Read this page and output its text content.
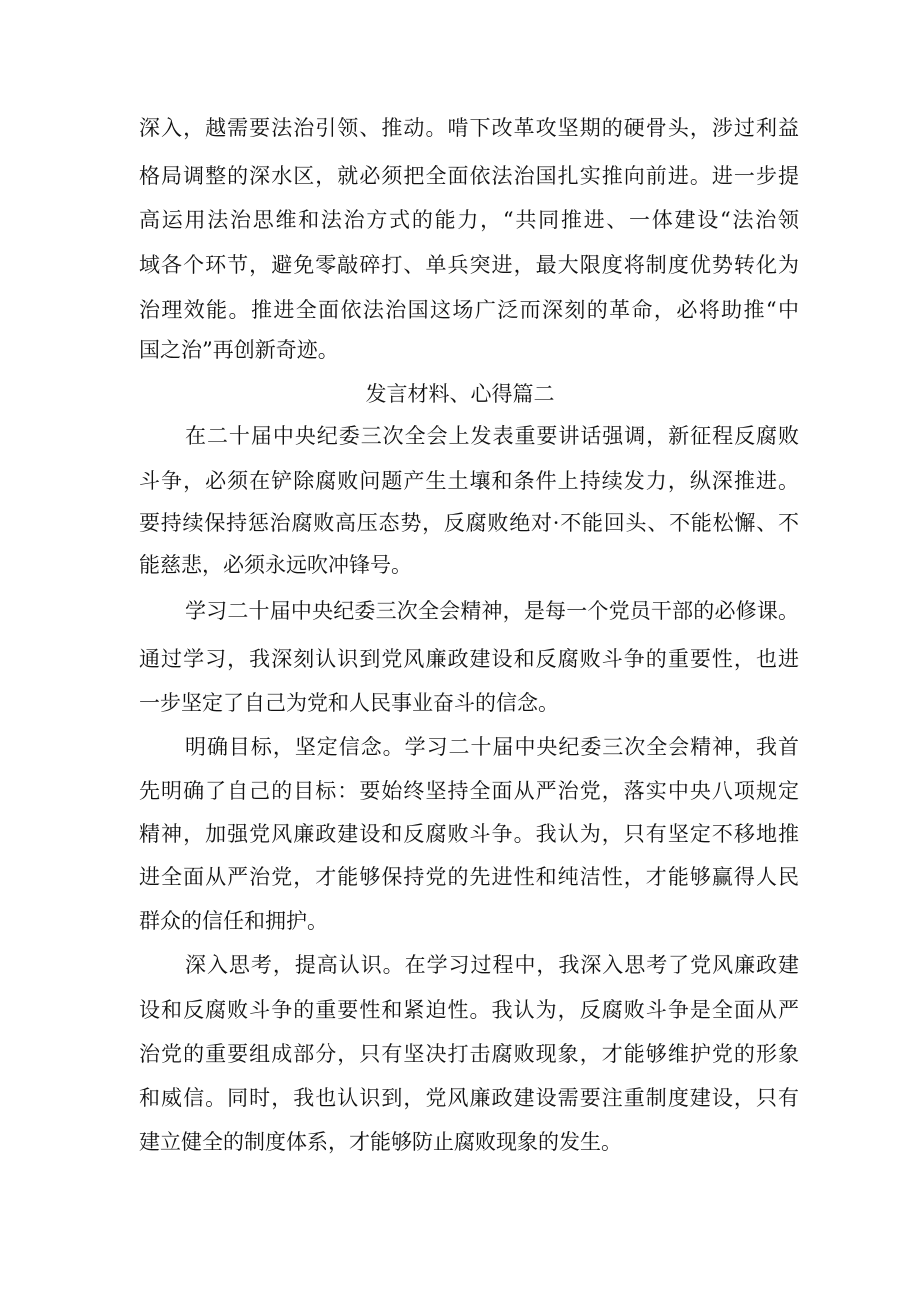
深入，越需要法治引领、推动。啃下改革攻坚期的硬骨头，涉过利益
格局调整的深水区，就必须把全面依法治国扎实推向前进。进一步提
高运用法治思维和法治方式的能力，“共同推进、一体建设“法治领
域各个环节，避免零敲碎打、单兵突进，最大限度将制度优势转化为
治理效能。推进全面依法治国这场广泛而深刻的革命，必将助推“中
国之治”再创新奇迹。
发言材料、心得篇二
在二十届中央纪委三次全会上发表重要讲话强调，新征程反腐败
斗争，必须在铲除腐败问题产生土壤和条件上持续发力，纵深推进。
要持续保持惩治腐败高压态势，反腐败绝对·不能回头、不能松懈、不
能慈悲，必须永远吹冲锋号。
学习二十届中央纪委三次全会精神，是每一个党员干部的必修课。
通过学习，我深刻认识到党风廉政建设和反腐败斗争的重要性，也进
一步坚定了自己为党和人民事业奋斗的信念。
明确目标，坚定信念。学习二十届中央纪委三次全会精神，我首
先明确了自己的目标：要始终坚持全面从严治党，落实中央八项规定
精神，加强党风廉政建设和反腐败斗争。我认为，只有坚定不移地推
进全面从严治党，才能够保持党的先进性和纯洁性，才能够赢得人民
群众的信任和拥护。
深入思考，提高认识。在学习过程中，我深入思考了党风廉政建
设和反腐败斗争的重要性和紧迫性。我认为，反腐败斗争是全面从严
治党的重要组成部分，只有坚决打击腐败现象，才能够维护党的形象
和威信。同时，我也认识到，党风廉政建设需要注重制度建设，只有
建立健全的制度体系，才能够防止腐败现象的发生。
